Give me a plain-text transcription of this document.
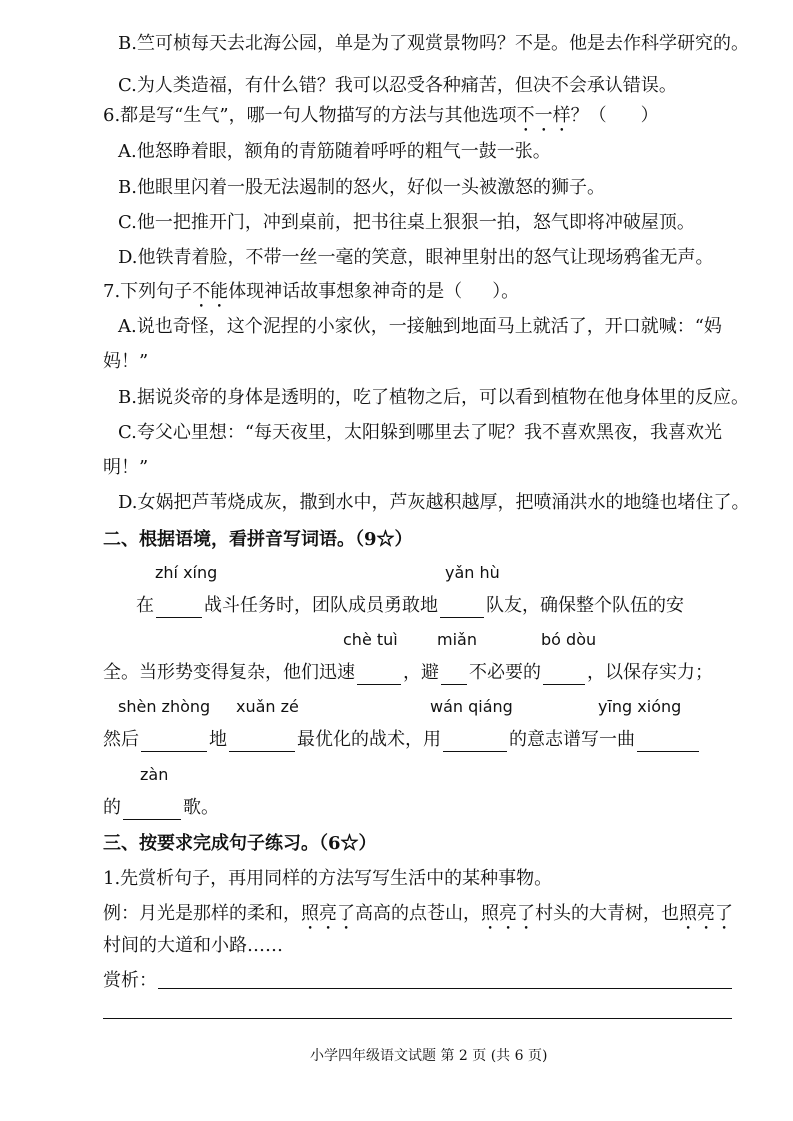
B.竺可桢每天去北海公园，单是为了观赏景物吗？不是。他是去作科学研究的。
C.为人类造福，有什么错？我可以忍受各种痛苦，但决不会承认错误。
6.都是写“生气”，哪一句人物描写的方法与其他选项不一样？（ ）
A.他怒睁着眼，额角的青筋随着呼呼的粗气一鼓一张。
B.他眼里闪着一股无法遏制的怒火，好似一头被激怒的狮子。
C.他一把推开门，冲到桌前，把书往桌上狠狠一拍，怒气即将冲破屋顶。
D.他铁青着脸，不带一丝一毫的笑意，眼神里射出的怒气让现场鸦雀无声。
7.下列句子不能体现神话故事想象神奇的是（ ）。
A.说也奇怪，这个泥捏的小家伙，一接触到地面马上就活了，开口就喊：“妈
妈！”
B.据说炎帝的身体是透明的，吃了植物之后，可以看到植物在他身体里的反应。
C.夸父心里想：“每天夜里，太阳躲到哪里去了呢？我不喜欢黑夜，我喜欢光
明！”
D.女娲把芦苇烧成灰，撒到水中，芦灰越积越厚，把喷涌洪水的地缝也堵住了。
二、根据语境，看拼音写词语。（9☆）
zhí xíng	yǎn hù
在	战斗任务时，团队成员勇敢地	队友，确保整个队伍的安
chè tuì miǎn	bó dòu
全。当形势变得复杂，他们迅速	，避 不必要的	，以保存实力；
shèn zhòng xuǎn zé	wán qiáng	yīng xióng
然后	地	最优化的战术，用	的意志谱写一曲
zàn
的	歌。
三、按要求完成句子练习。（6☆）
1.先赏析句子，再用同样的方法写写生活中的某种事物。
例：月光是那样的柔和，照亮了高高的点苍山，照亮了村头的大青树，也照亮了
村间的大道和小路……
赏析：
小学四年级语文试题 第 2 页 (共 6 页)
